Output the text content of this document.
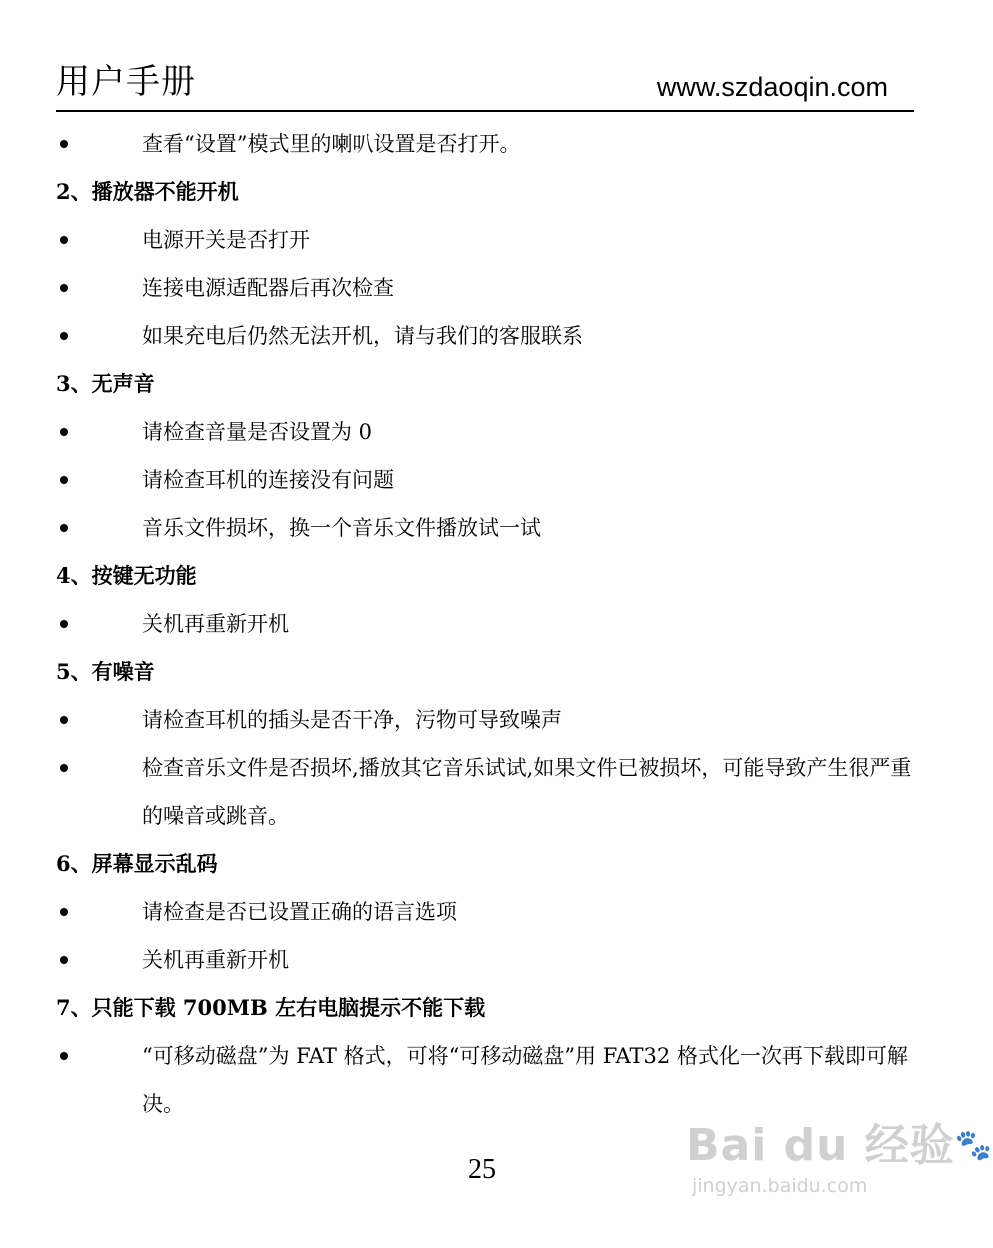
用户手册	www.szdaoqin.com
查看“设置”模式里的喇叭设置是否打开。
2、播放器不能开机
电源开关是否打开
连接电源适配器后再次检查
如果充电后仍然无法开机，请与我们的客服联系
3、无声音
请检查音量是否设置为 0
请检查耳机的连接没有问题
音乐文件损坏，换一个音乐文件播放试一试
4、按键无功能
关机再重新开机
5、有噪音
请检查耳机的插头是否干净，污物可导致噪声
检查音乐文件是否损坏,播放其它音乐试试,如果文件已被损坏，可能导致产生很严重的噪音或跳音。
6、屏幕显示乱码
请检查是否已设置正确的语言选项
关机再重新开机
7、只能下载 700MB 左右电脑提示不能下载
“可移动磁盘”为 FAT 格式，可将“可移动磁盘”用 FAT32 格式化一次再下载即可解决。
25	Bai du 经验🐾
jingyan.baidu.com
